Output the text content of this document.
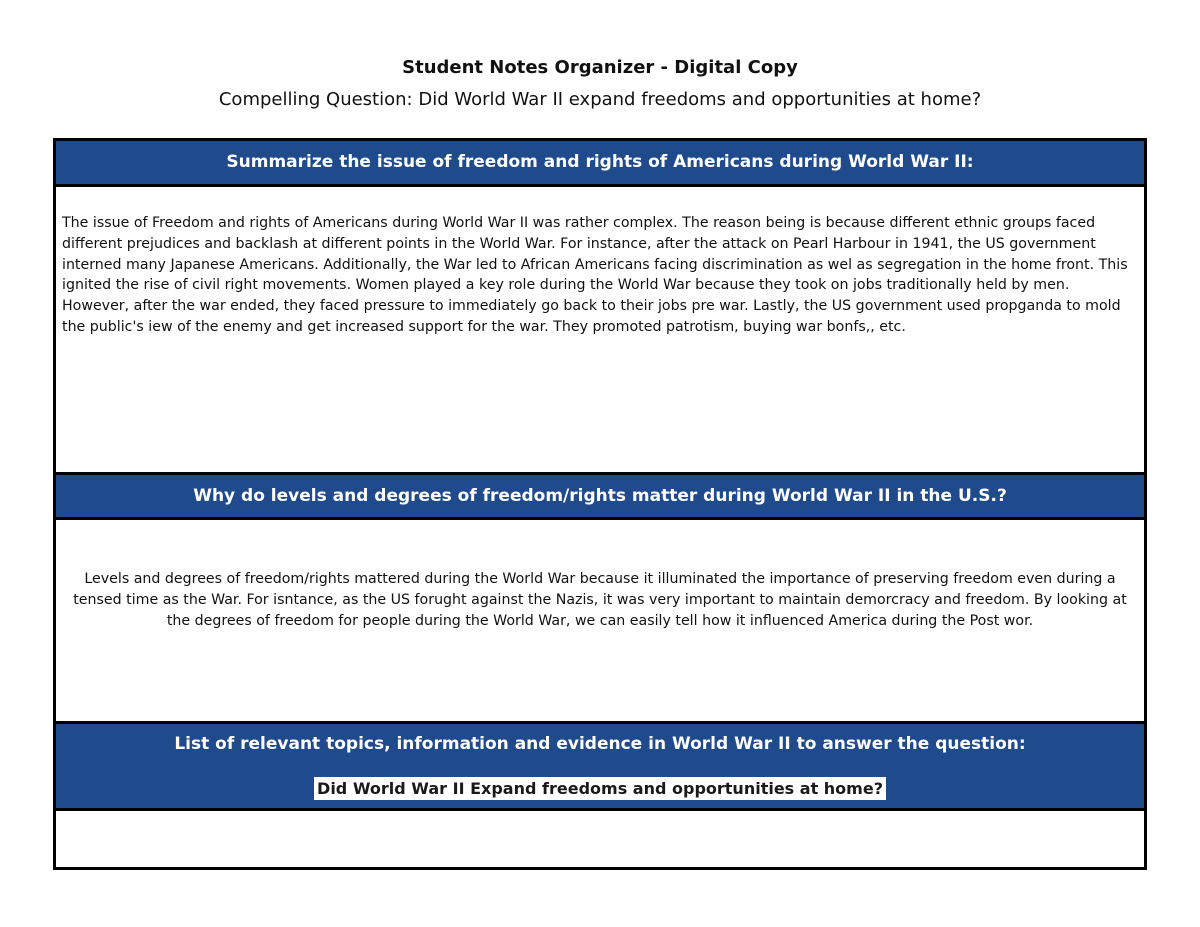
Student Notes Organizer - Digital Copy
Compelling Question: Did World War II expand freedoms and opportunities at home?
Summarize the issue of freedom and rights of Americans during World War II:
The issue of Freedom and rights of Americans during World War II was rather complex. The reason being is because different ethnic groups faced different prejudices and backlash at different points in the World War. For instance, after the attack on Pearl Harbour in 1941, the US government interned many Japanese Americans. Additionally, the War led to African Americans facing discrimination as wel as segregation in the home front. This ignited the rise of civil right movements. Women played a key role during the World War because they took on jobs traditionally held by men. However, after the war ended, they faced pressure to immediately go back to their jobs pre war. Lastly, the US government used propganda to mold the public's iew of the enemy and get increased support for the war. They promoted patrotism, buying war bonfs,, etc.
Why do levels and degrees of freedom/rights matter during World War II in the U.S.?
Levels and degrees of freedom/rights mattered during the World War because it illuminated the importance of preserving freedom even during a tensed time as the War. For isntance, as the US forught against the Nazis, it was very important to maintain demorcracy and freedom. By looking at the degrees of freedom for people during the World War, we can easily tell how it influenced America during the Post wor.
List of relevant topics, information and evidence in World War II to answer the question:
Did World War II Expand freedoms and opportunities at home?
